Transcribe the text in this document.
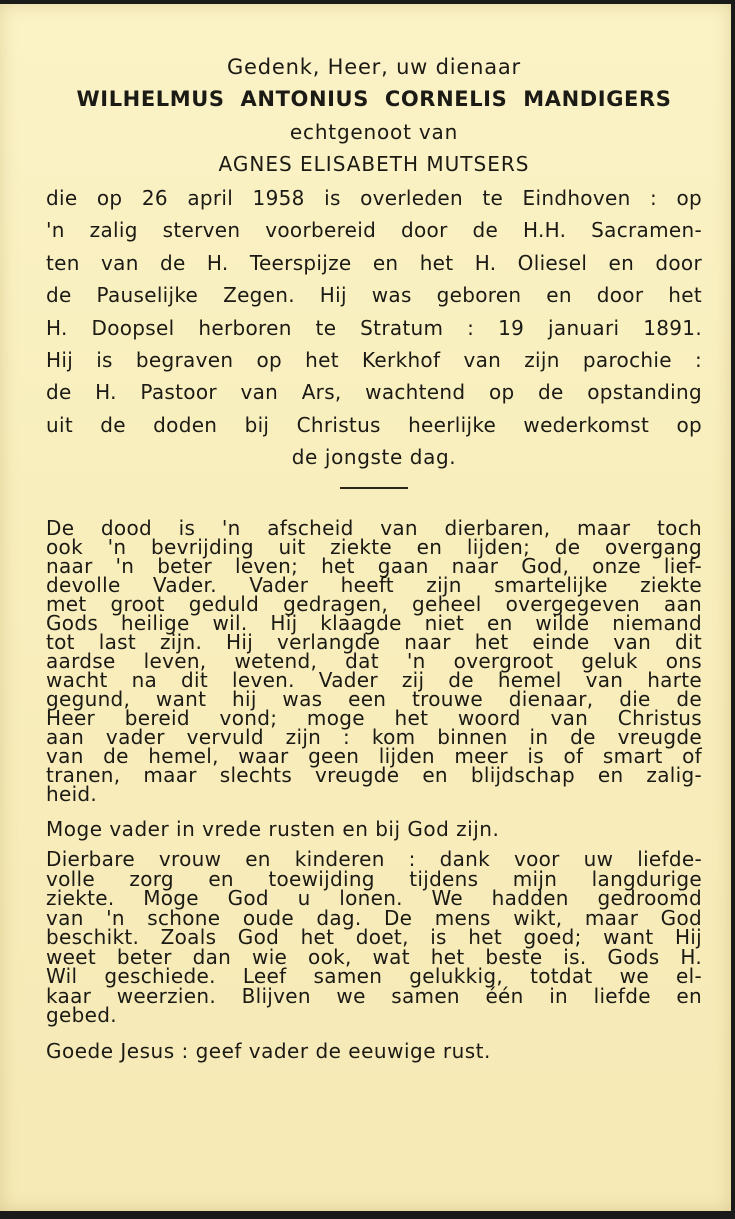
Gedenk, Heer, uw dienaar
WILHELMUS ANTONIUS CORNELIS MANDIGERS
echtgenoot van
AGNES ELISABETH MUTSERS
die op 26 april 1958 is overleden te Eindhoven : op
'n zalig sterven voorbereid door de H.H. Sacramen-
ten van de H. Teerspijze en het H. Oliesel en door
de Pauselijke Zegen. Hij was geboren en door het
H. Doopsel herboren te Stratum : 19 januari 1891.
Hij is begraven op het Kerkhof van zijn parochie :
de H. Pastoor van Ars, wachtend op de opstanding
uit de doden bij Christus heerlijke wederkomst op
de jongste dag.
De dood is 'n afscheid van dierbaren, maar toch
ook 'n bevrijding uit ziekte en lijden; de overgang
naar 'n beter leven; het gaan naar God, onze lief-
devolle Vader. Vader heeft zijn smartelijke ziekte
met groot geduld gedragen, geheel overgegeven aan
Gods heilige wil. Hij klaagde niet en wilde niemand
tot last zijn. Hij verlangde naar het einde van dit
aardse leven, wetend, dat 'n overgroot geluk ons
wacht na dit leven. Vader zij de hemel van harte
gegund, want hij was een trouwe dienaar, die de
Heer bereid vond; moge het woord van Christus
aan vader vervuld zijn : kom binnen in de vreugde
van de hemel, waar geen lijden meer is of smart of
tranen, maar slechts vreugde en blijdschap en zalig-
heid.
Moge vader in vrede rusten en bij God zijn.
Dierbare vrouw en kinderen : dank voor uw liefde-
volle zorg en toewijding tijdens mijn langdurige
ziekte. Moge God u lonen. We hadden gedroomd
van 'n schone oude dag. De mens wikt, maar God
beschikt. Zoals God het doet, is het goed; want Hij
weet beter dan wie ook, wat het beste is. Gods H.
Wil geschiede. Leef samen gelukkig, totdat we el-
kaar weerzien. Blijven we samen één in liefde en
gebed.
Goede Jesus : geef vader de eeuwige rust.
